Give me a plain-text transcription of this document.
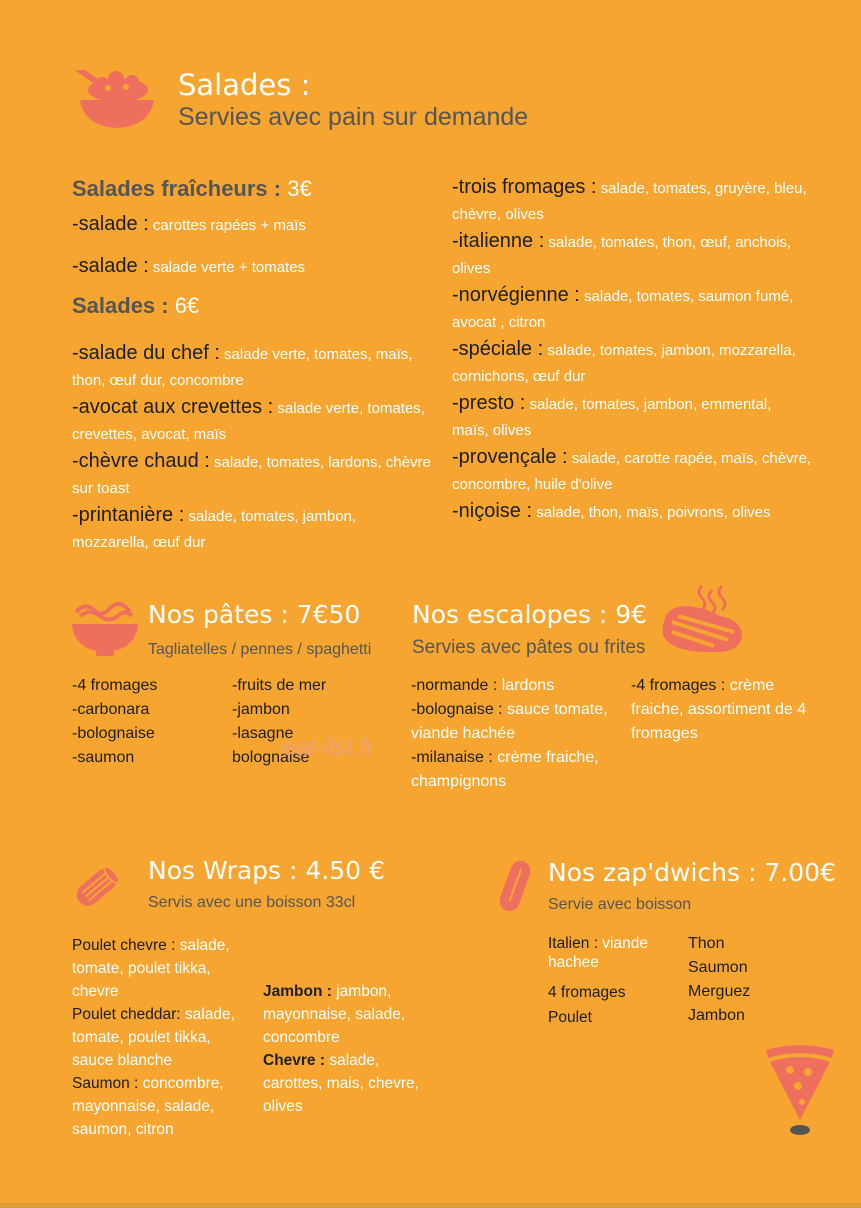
Salades :
Servies avec pain sur demande
Salades fraîcheurs : 3€
-salade : carottes rapées + maïs
-salade : salade verte + tomates
Salades : 6€
-salade du chef : salade verte, tomates, maïs, thon, œuf dur, concombre
-avocat aux crevettes : salade verte, tomates, crevettes, avocat, maïs
-chèvre chaud : salade, tomates, lardons, chèvre sur toast
-printanière : salade, tomates, jambon, mozzarella, œuf dur
-trois fromages : salade, tomates, gruyère, bleu, chèvre, olives
-italienne : salade, tomates, thon, œuf, anchois, olives
-norvégienne : salade, tomates, saumon fumé, avocat , citron
-spéciale : salade, tomates, jambon, mozzarella, cornichons, œuf dur
-presto : salade, tomates, jambon, emmental, maïs, olives
-provençale : salade, carotte rapée, maïs, chèvre, concombre, huile d'olive
-niçoise : salade, thon, maïs, poivrons, olives
Nos pâtes : 7€50
Tagliatelles / pennes / spaghetti
-4 fromages
-carbonara
-bolognaise
-saumon
-fruits de mer
-jambon
-lasagne
bolognaise
eat-list.fr
Nos escalopes : 9€
Servies avec pâtes ou frites
-normande : lardons
-bolognaise : sauce tomate, viande hachée
-milanaise : crème fraiche, champignons
-4 fromages : crème fraiche, assortiment de 4 fromages
Nos Wraps : 4.50 €
Servis avec une boisson 33cl
Poulet chevre : salade, tomate, poulet tikka, chevre
Poulet cheddar: salade, tomate, poulet tikka, sauce blanche
Saumon : concombre, mayonnaise, salade, saumon, citron
Jambon : jambon, mayonnaise, salade, concombre
Chevre : salade, carottes, mais, chevre, olives
Nos zap'dwichs : 7.00€
Servie avec boisson
Italien : viande hachee
4 fromages
Poulet
Thon
Saumon
Merguez
Jambon
